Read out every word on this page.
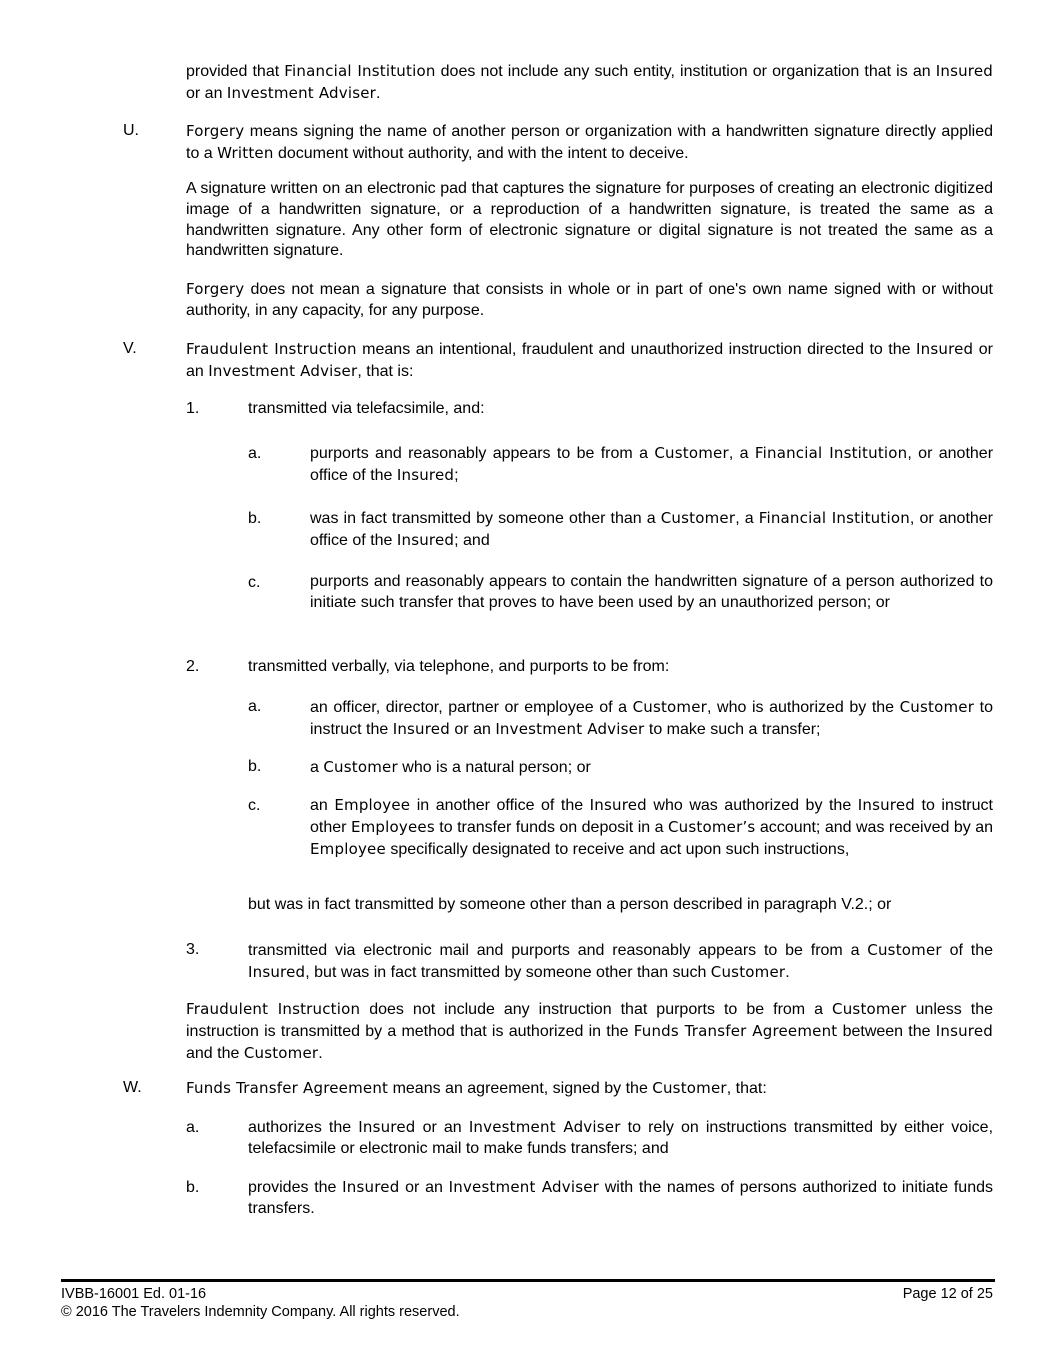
provided that Financial Institution does not include any such entity, institution or organization that is an Insured or an Investment Adviser.

U.	Forgery means signing the name of another person or organization with a handwritten signature directly applied to a Written document without authority, and with the intent to deceive.

A signature written on an electronic pad that captures the signature for purposes of creating an electronic digitized image of a handwritten signature, or a reproduction of a handwritten signature, is treated the same as a handwritten signature. Any other form of electronic signature or digital signature is not treated the same as a handwritten signature.

Forgery does not mean a signature that consists in whole or in part of one's own name signed with or without authority, in any capacity, for any purpose.

V.	Fraudulent Instruction means an intentional, fraudulent and unauthorized instruction directed to the Insured or an Investment Adviser, that is:

1.	transmitted via telefacsimile, and:

a.	purports and reasonably appears to be from a Customer, a Financial Institution, or another office of the Insured;

b.	was in fact transmitted by someone other than a Customer, a Financial Institution, or another office of the Insured; and

c.	purports and reasonably appears to contain the handwritten signature of a person authorized to initiate such transfer that proves to have been used by an unauthorized person; or

2.	transmitted verbally, via telephone, and purports to be from:

a.	an officer, director, partner or employee of a Customer, who is authorized by the Customer to instruct the Insured or an Investment Adviser to make such a transfer;

b.	a Customer who is a natural person; or

c.	an Employee in another office of the Insured who was authorized by the Insured to instruct other Employees to transfer funds on deposit in a Customer’s account; and was received by an Employee specifically designated to receive and act upon such instructions,

but was in fact transmitted by someone other than a person described in paragraph V.2.; or

3.	transmitted via electronic mail and purports and reasonably appears to be from a Customer of the Insured, but was in fact transmitted by someone other than such Customer.

Fraudulent Instruction does not include any instruction that purports to be from a Customer unless the instruction is transmitted by a method that is authorized in the Funds Transfer Agreement between the Insured and the Customer.

W.	Funds Transfer Agreement means an agreement, signed by the Customer, that:

a.	authorizes the Insured or an Investment Adviser to rely on instructions transmitted by either voice, telefacsimile or electronic mail to make funds transfers; and

b.	provides the Insured or an Investment Adviser with the names of persons authorized to initiate funds transfers.

IVBB-16001 Ed. 01-16	Page 12 of 25

© 2016 The Travelers Indemnity Company. All rights reserved.
